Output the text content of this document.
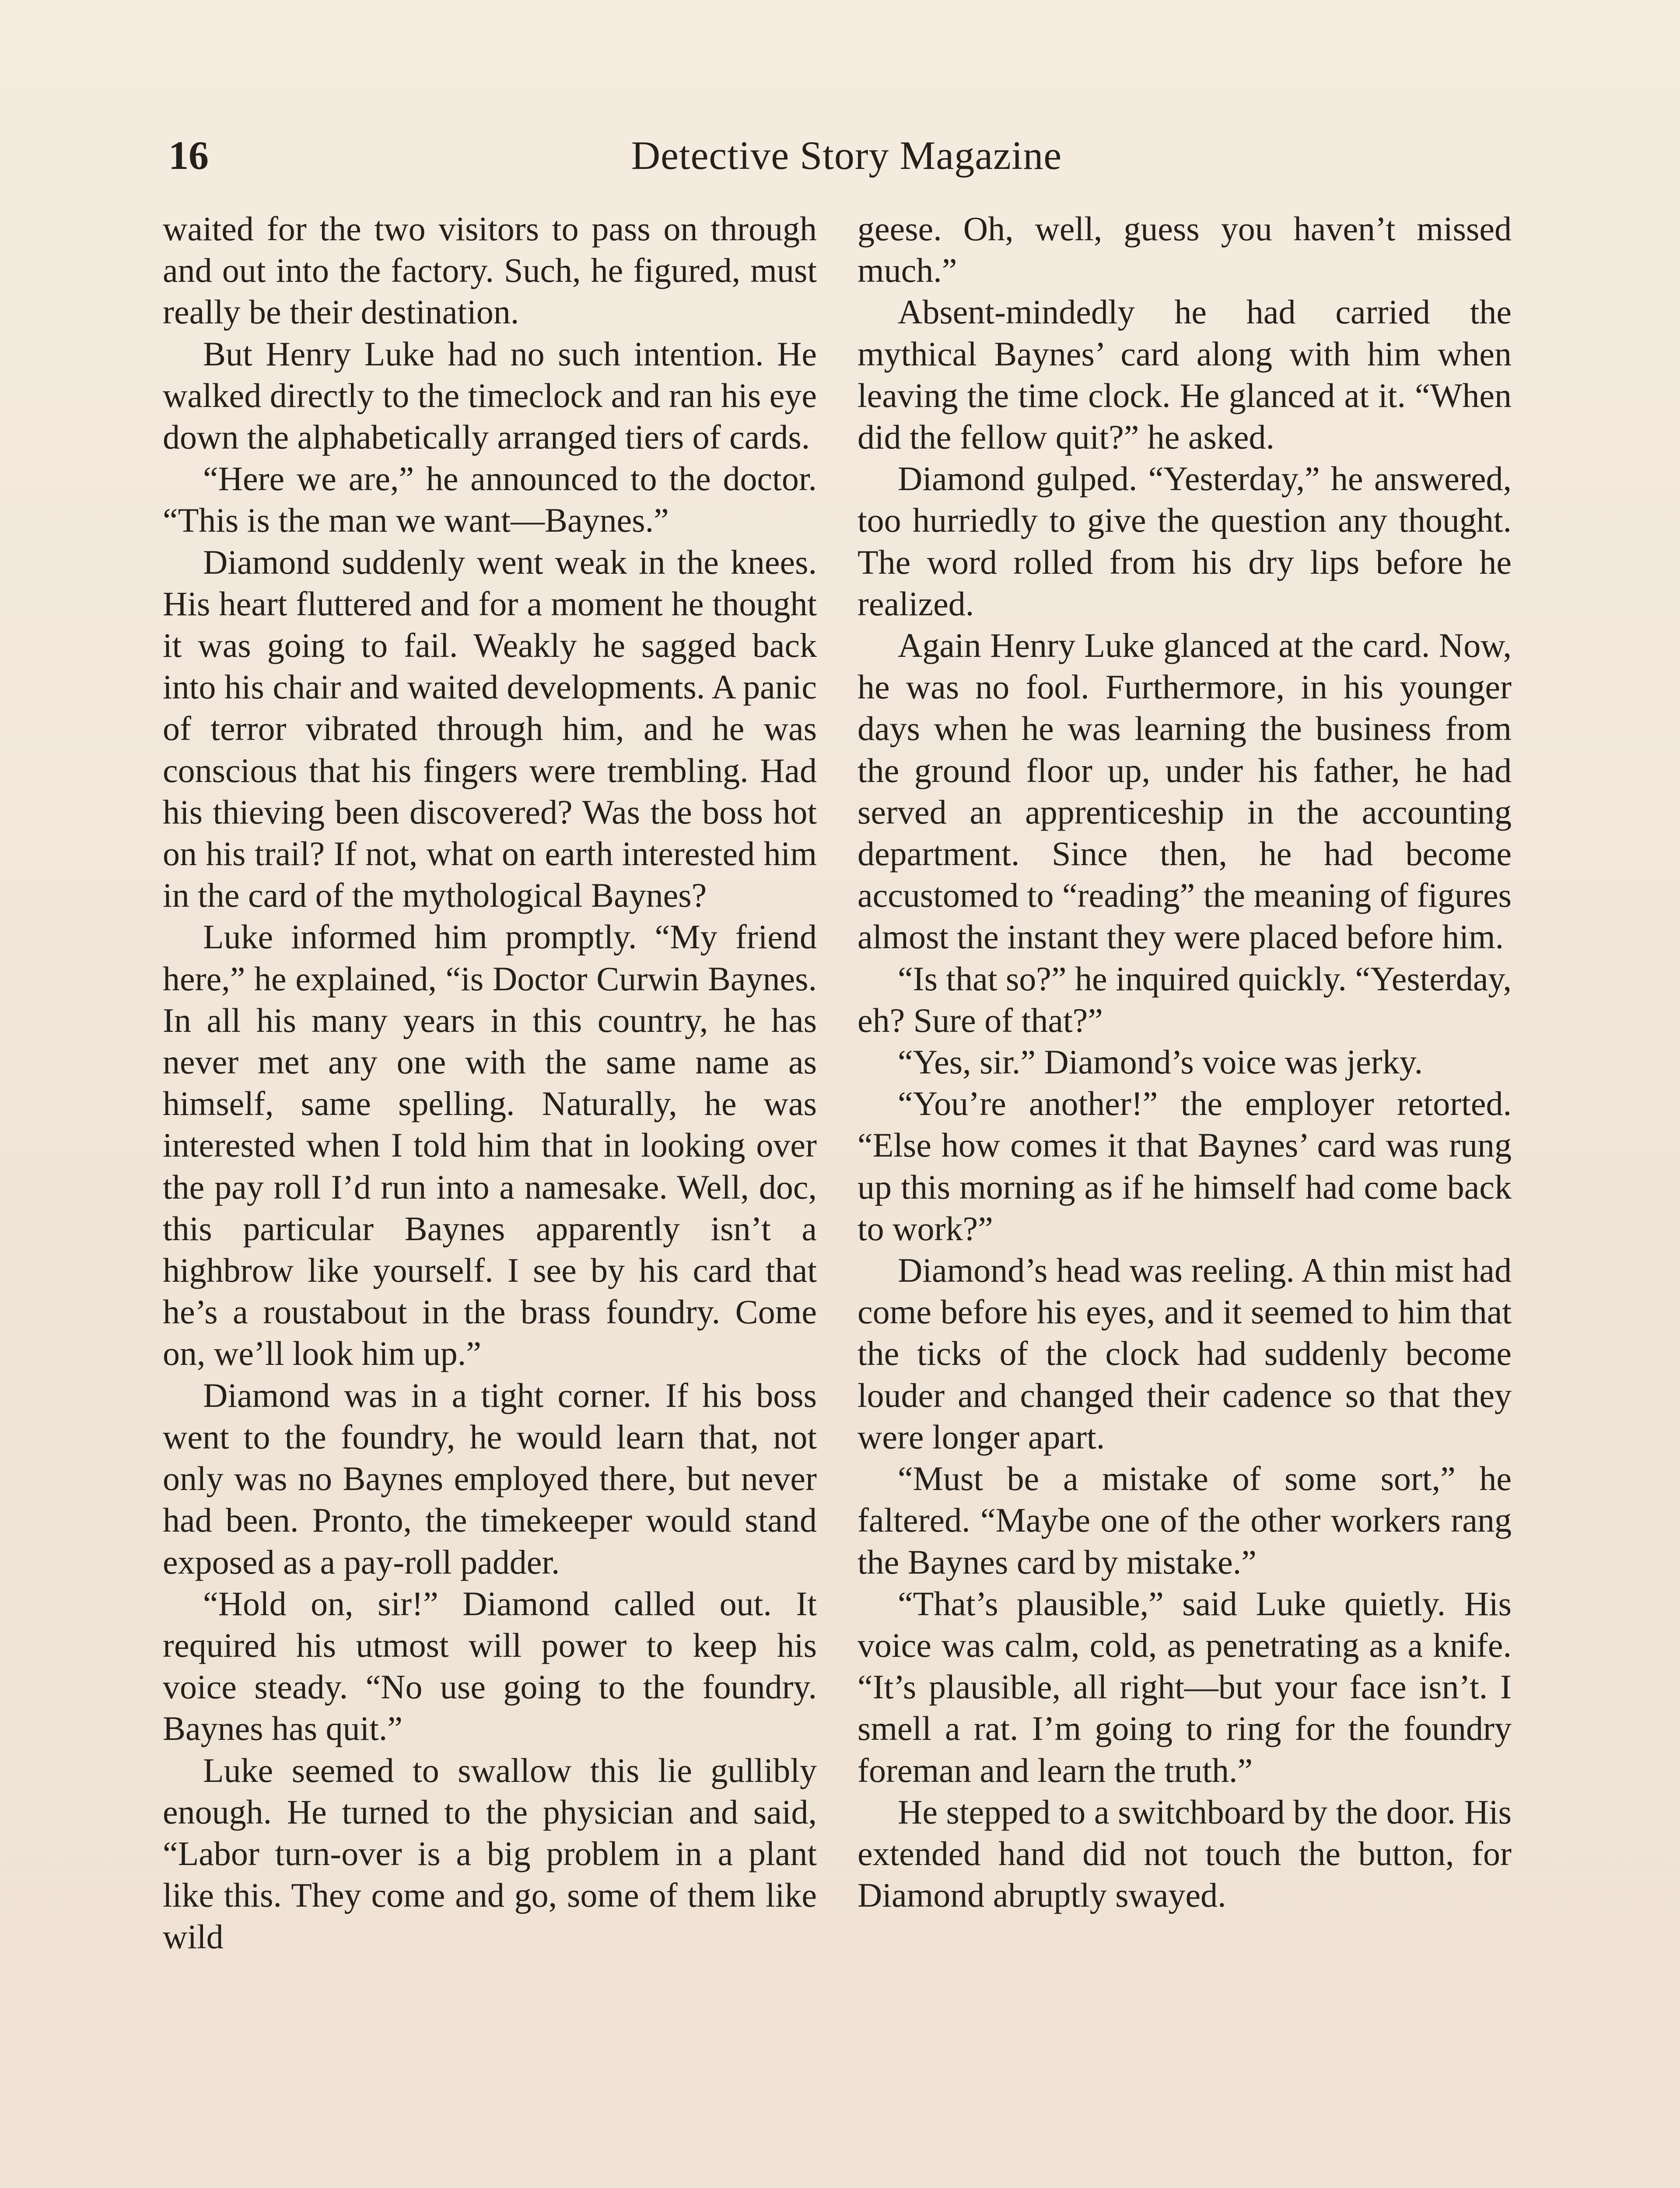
16	Detective Story Magazine

waited for the two visitors to pass on through and out into the factory. Such, he figured, must really be their destination.

But Henry Luke had no such intention. He walked directly to the timeclock and ran his eye down the alphabetically arranged tiers of cards.

“Here we are,” he announced to the doctor. “This is the man we want—Baynes.”

Diamond suddenly went weak in the knees. His heart fluttered and for a moment he thought it was going to fail. Weakly he sagged back into his chair and waited developments. A panic of terror vibrated through him, and he was conscious that his fingers were trembling. Had his thieving been discovered? Was the boss hot on his trail? If not, what on earth interested him in the card of the mythological Baynes?

Luke informed him promptly. “My friend here,” he explained, “is Doctor Curwin Baynes. In all his many years in this country, he has never met any one with the same name as himself, same spelling. Naturally, he was interested when I told him that in looking over the pay roll I’d run into a namesake. Well, doc, this particular Baynes apparently isn’t a highbrow like yourself. I see by his card that he’s a roustabout in the brass foundry. Come on, we’ll look him up.”

Diamond was in a tight corner. If his boss went to the foundry, he would learn that, not only was no Baynes employed there, but never had been. Pronto, the timekeeper would stand exposed as a pay-roll padder.

“Hold on, sir!” Diamond called out. It required his utmost will power to keep his voice steady. “No use going to the foundry. Baynes has quit.”

Luke seemed to swallow this lie gullibly enough. He turned to the physician and said, “Labor turn-over is a big problem in a plant like this. They come and go, some of them like wild

geese. Oh, well, guess you haven’t missed much.”

Absent-mindedly he had carried the mythical Baynes’ card along with him when leaving the time clock. He glanced at it. “When did the fellow quit?” he asked.

Diamond gulped. “Yesterday,” he answered, too hurriedly to give the question any thought. The word rolled from his dry lips before he realized.

Again Henry Luke glanced at the card. Now, he was no fool. Furthermore, in his younger days when he was learning the business from the ground floor up, under his father, he had served an apprenticeship in the accounting department. Since then, he had become accustomed to “reading” the meaning of figures almost the instant they were placed before him.

“Is that so?” he inquired quickly. “Yesterday, eh? Sure of that?”

“Yes, sir.” Diamond’s voice was jerky.

“You’re another!” the employer retorted. “Else how comes it that Baynes’ card was rung up this morning as if he himself had come back to work?”

Diamond’s head was reeling. A thin mist had come before his eyes, and it seemed to him that the ticks of the clock had suddenly become louder and changed their cadence so that they were longer apart.

“Must be a mistake of some sort,” he faltered. “Maybe one of the other workers rang the Baynes card by mistake.”

“That’s plausible,” said Luke quietly. His voice was calm, cold, as penetrating as a knife. “It’s plausible, all right—but your face isn’t. I smell a rat. I’m going to ring for the foundry foreman and learn the truth.”

He stepped to a switchboard by the door. His extended hand did not touch the button, for Diamond abruptly swayed.
